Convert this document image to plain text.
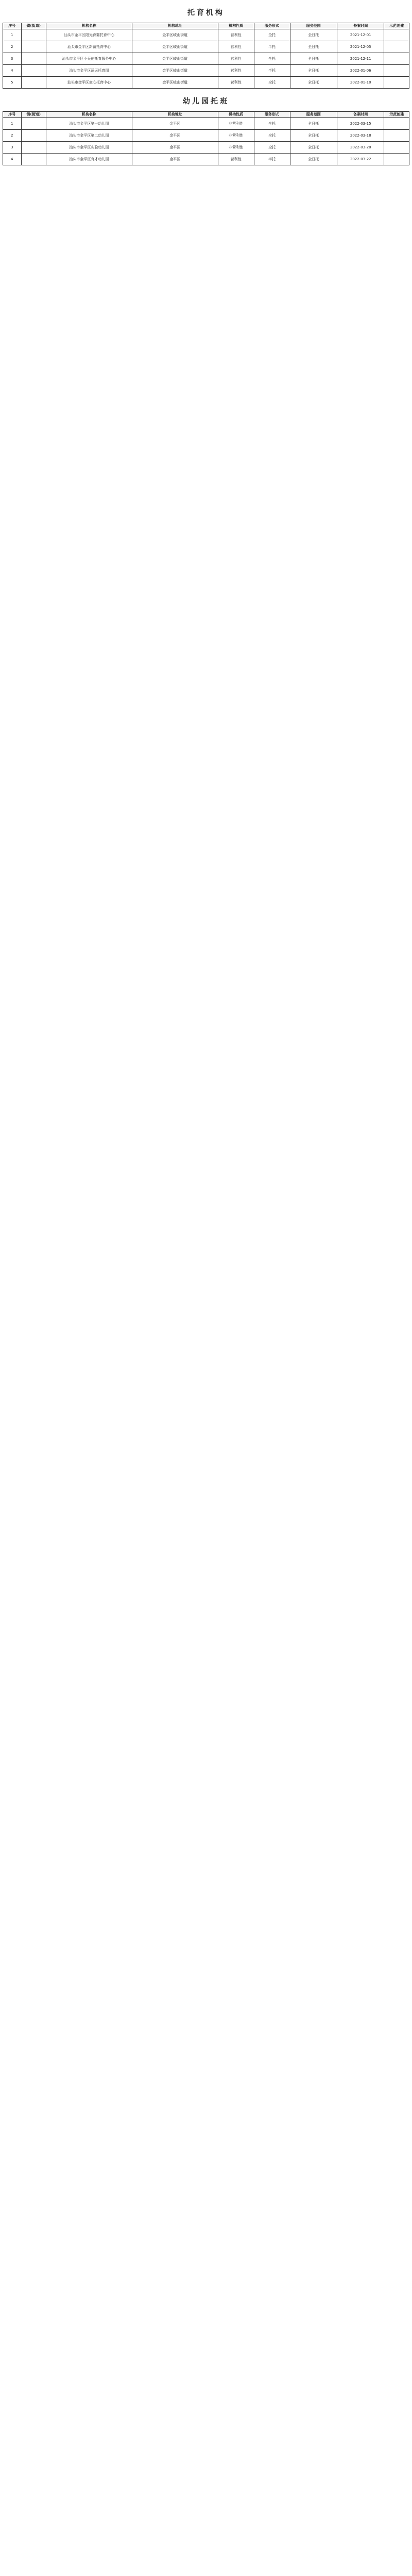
托育机构
序号	镇(街道)	机构名称	机构地址	机构性质	服务形式	服务范围	备案时间	示范创建
1		汕头市金平区阳光育婴托育中心	金平区岐山街道	营利性	全托	全日托	2021-12-01	
2		汕头市金平区新苗托育中心	金平区岐山街道	营利性	半托	全日托	2021-12-05	
3		汕头市金平区小天使托育服务中心	金平区岐山街道	营利性	全托	全日托	2021-12-11	
4		汕头市金平区蓝天托育园	金平区岐山街道	营利性	半托	全日托	2022-01-06	
5		汕头市金平区童心托育中心	金平区岐山街道	营利性	全托	全日托	2022-01-10	
幼儿园托班
序号	镇(街道)	机构名称	机构地址	机构性质	服务形式	服务范围	备案时间	示范创建
1		汕头市金平区第一幼儿园	金平区	非营利性	全托	全日托	2022-03-15	
2		汕头市金平区第二幼儿园	金平区	非营利性	全托	全日托	2022-03-18	
3		汕头市金平区实验幼儿园	金平区	非营利性	全托	全日托	2022-03-20	
4		汕头市金平区育才幼儿园	金平区	营利性	半托	全日托	2022-03-22	
